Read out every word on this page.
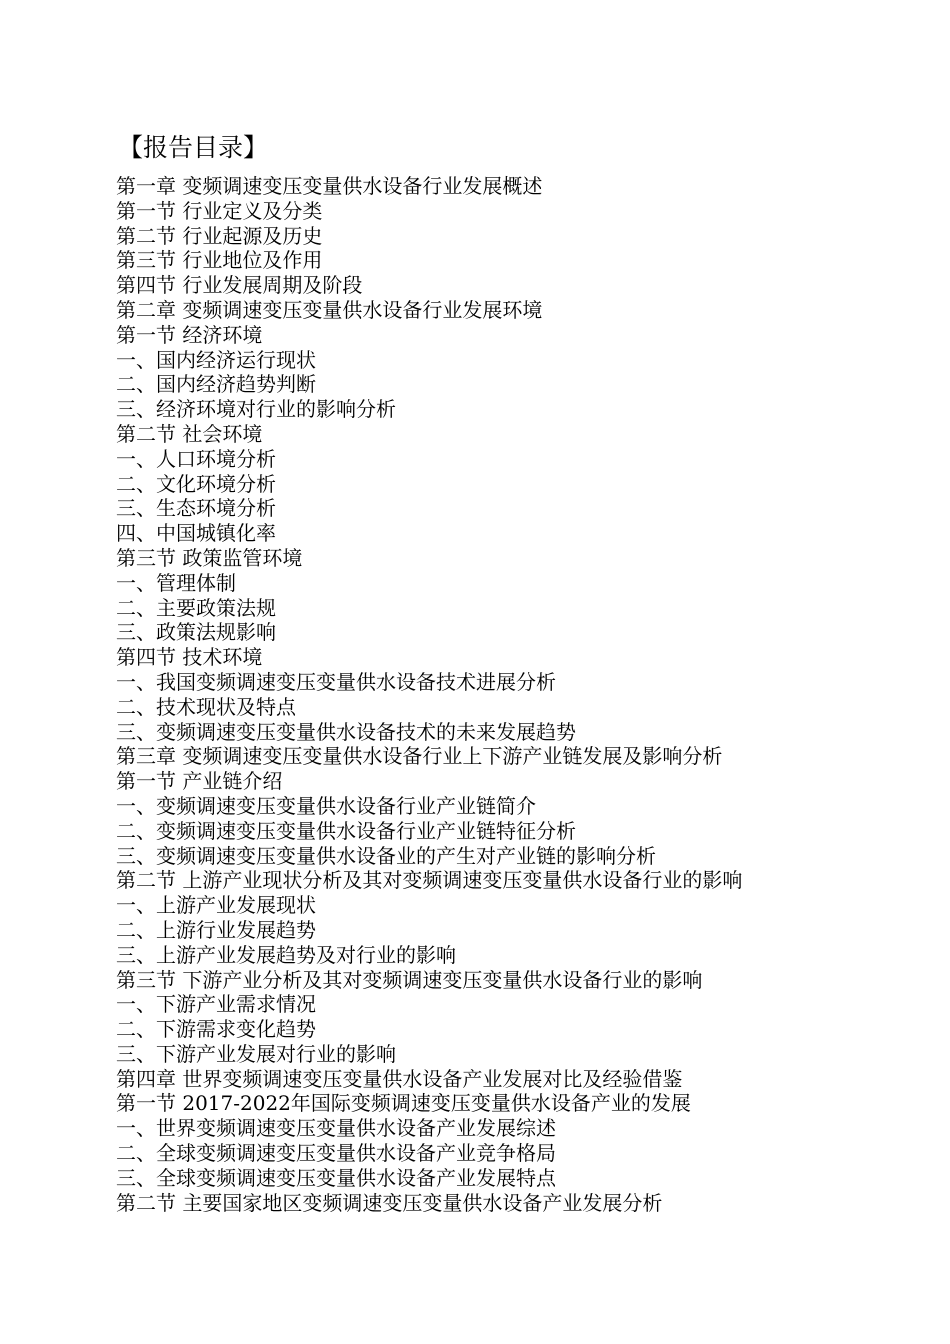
【报告目录】
第一章 变频调速变压变量供水设备行业发展概述
第一节 行业定义及分类
第二节 行业起源及历史
第三节 行业地位及作用
第四节 行业发展周期及阶段
第二章 变频调速变压变量供水设备行业发展环境
第一节 经济环境
一、国内经济运行现状
二、国内经济趋势判断
三、经济环境对行业的影响分析
第二节 社会环境
一、人口环境分析
二、文化环境分析
三、生态环境分析
四、中国城镇化率
第三节 政策监管环境
一、管理体制
二、主要政策法规
三、政策法规影响
第四节 技术环境
一、我国变频调速变压变量供水设备技术进展分析
二、技术现状及特点
三、变频调速变压变量供水设备技术的未来发展趋势
第三章 变频调速变压变量供水设备行业上下游产业链发展及影响分析
第一节 产业链介绍
一、变频调速变压变量供水设备行业产业链简介
二、变频调速变压变量供水设备行业产业链特征分析
三、变频调速变压变量供水设备业的产生对产业链的影响分析
第二节 上游产业现状分析及其对变频调速变压变量供水设备行业的影响
一、上游产业发展现状
二、上游行业发展趋势
三、上游产业发展趋势及对行业的影响
第三节 下游产业分析及其对变频调速变压变量供水设备行业的影响
一、下游产业需求情况
二、下游需求变化趋势
三、下游产业发展对行业的影响
第四章 世界变频调速变压变量供水设备产业发展对比及经验借鉴
第一节 2017-2022年国际变频调速变压变量供水设备产业的发展
一、世界变频调速变压变量供水设备产业发展综述
二、全球变频调速变压变量供水设备产业竞争格局
三、全球变频调速变压变量供水设备产业发展特点
第二节 主要国家地区变频调速变压变量供水设备产业发展分析
